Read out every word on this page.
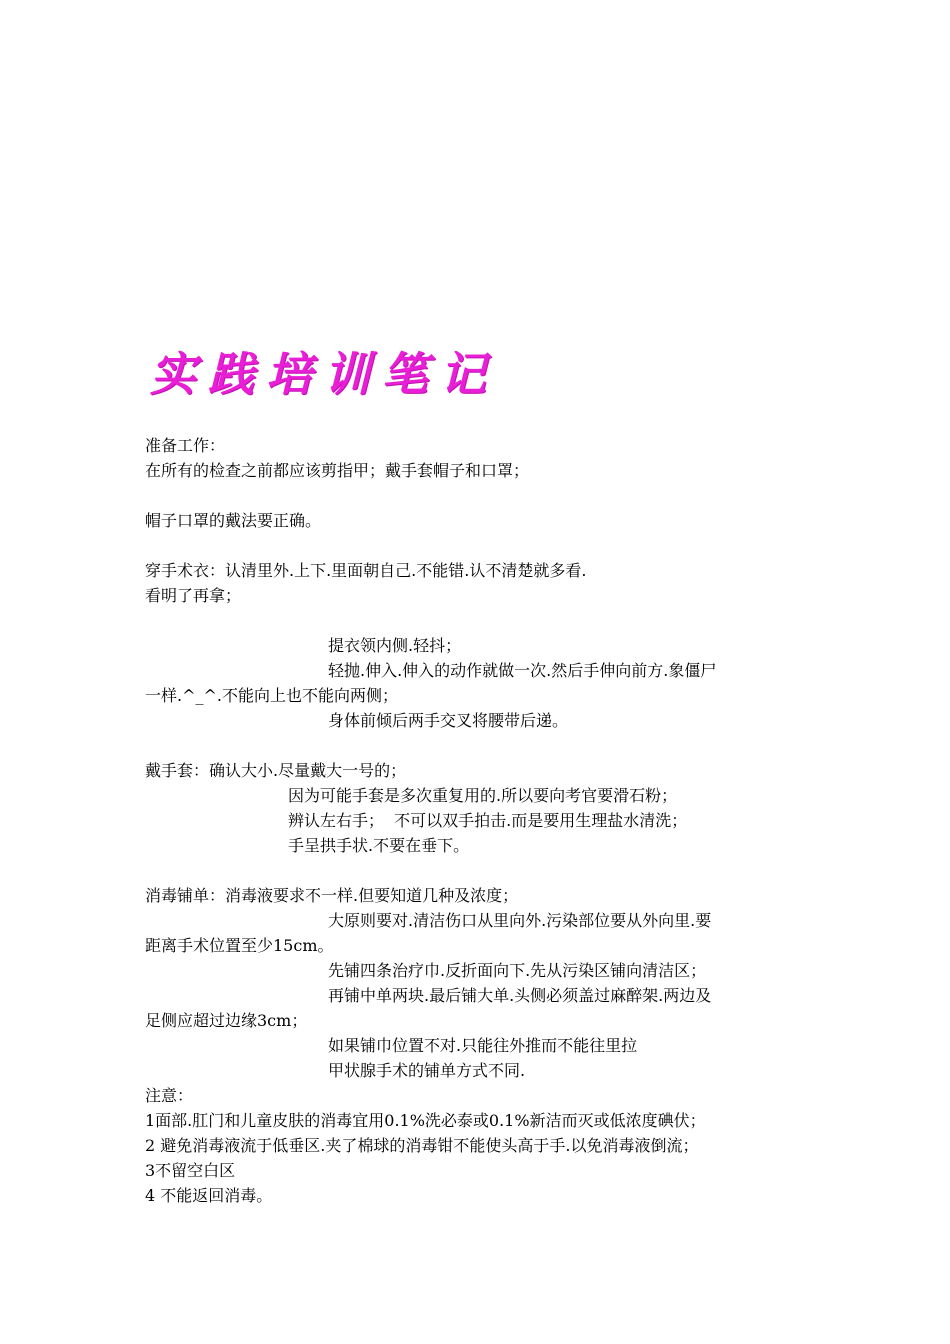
实践培训笔记
准备工作：
在所有的检查之前都应该剪指甲；戴手套帽子和口罩；
帽子口罩的戴法要正确。
穿手术衣：认清里外.上下.里面朝自己.不能错.认不清楚就多看.
看明了再拿；
提衣领内侧.轻抖；
轻抛.伸入.伸入的动作就做一次.然后手伸向前方.象僵尸
一样.^_^.不能向上也不能向两侧；
身体前倾后两手交叉将腰带后递。
戴手套：确认大小.尽量戴大一号的；
因为可能手套是多次重复用的.所以要向考官要滑石粉；
辨认左右手；  不可以双手拍击.而是要用生理盐水清洗；
手呈拱手状.不要在垂下。
消毒铺单：消毒液要求不一样.但要知道几种及浓度；
大原则要对.清洁伤口从里向外.污染部位要从外向里.要
距离手术位置至少15cm。
先铺四条治疗巾.反折面向下.先从污染区铺向清洁区；
再铺中单两块.最后铺大单.头侧必须盖过麻醉架.两边及
足侧应超过边缘3cm；
如果铺巾位置不对.只能往外推而不能往里拉
甲状腺手术的铺单方式不同.
注意：
1面部.肛门和儿童皮肤的消毒宜用0.1%洗必泰或0.1%新洁而灭或低浓度碘伏；
2 避免消毒液流于低垂区.夹了棉球的消毒钳不能使头高于手.以免消毒液倒流；
3不留空白区
4 不能返回消毒。
